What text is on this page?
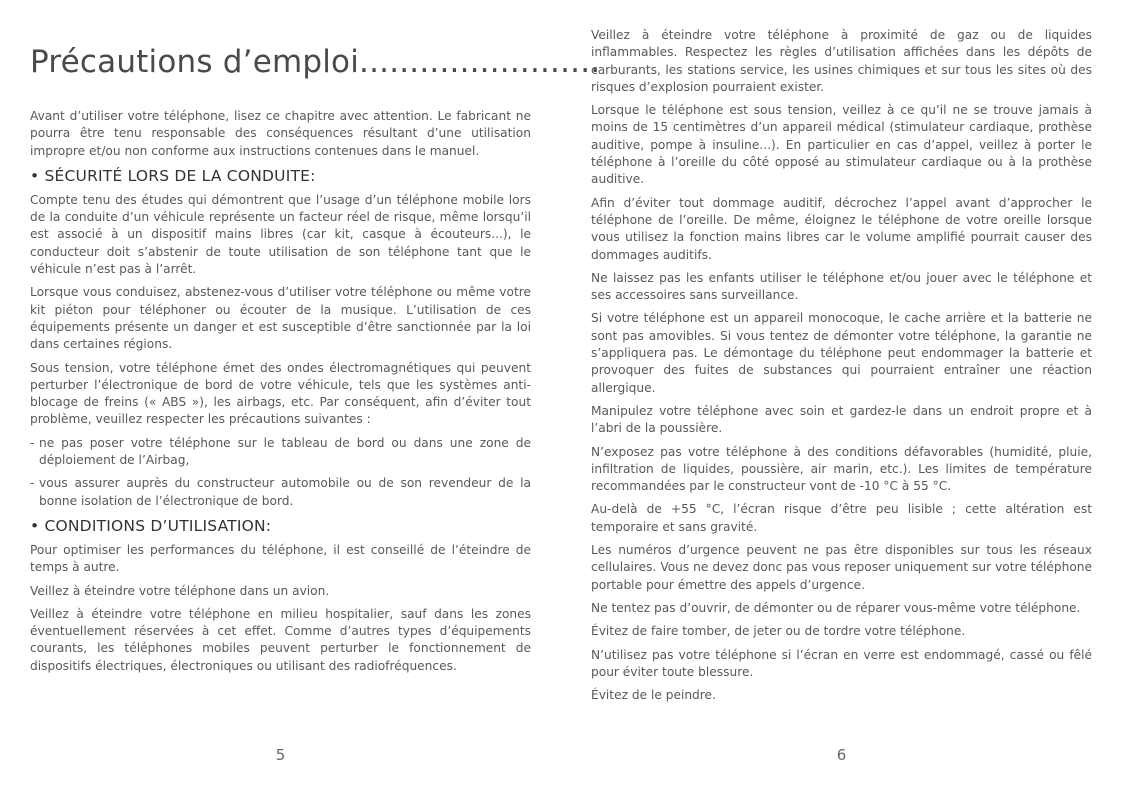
Précautions d’emploi........................

Avant d’utiliser votre téléphone, lisez ce chapitre avec attention. Le fabricant ne pourra être tenu responsable des conséquences résultant d’une utilisation impropre et/ou non conforme aux instructions contenues dans le manuel.

• SÉCURITÉ LORS DE LA CONDUITE:

Compte tenu des études qui démontrent que l’usage d’un téléphone mobile lors de la conduite d’un véhicule représente un facteur réel de risque, même lorsqu’il est associé à un dispositif mains libres (car kit, casque à écouteurs...), le conducteur doit s’abstenir de toute utilisation de son téléphone tant que le véhicule n’est pas à l’arrêt.

Lorsque vous conduisez, abstenez-vous d’utiliser votre téléphone ou même votre kit piéton pour téléphoner ou écouter de la musique. L’utilisation de ces équipements présente un danger et est susceptible d’être sanctionnée par la loi dans certaines régions.

Sous tension, votre téléphone émet des ondes électromagnétiques qui peuvent perturber l’électronique de bord de votre véhicule, tels que les systèmes anti-blocage de freins (« ABS »), les airbags, etc. Par conséquent, afin d’éviter tout problème, veuillez respecter les précautions suivantes :

- ne pas poser votre téléphone sur le tableau de bord ou dans une zone de déploiement de l’Airbag,

- vous assurer auprès du constructeur automobile ou de son revendeur de la bonne isolation de l’électronique de bord.

• CONDITIONS D’UTILISATION:

Pour optimiser les performances du téléphone, il est conseillé de l’éteindre de temps à autre.

Veillez à éteindre votre téléphone dans un avion.

Veillez à éteindre votre téléphone en milieu hospitalier, sauf dans les zones éventuellement réservées à cet effet. Comme d’autres types d’équipements courants, les téléphones mobiles peuvent perturber le fonctionnement de dispositifs électriques, électroniques ou utilisant des radiofréquences.

5

Veillez à éteindre votre téléphone à proximité de gaz ou de liquides inflammables. Respectez les règles d’utilisation affichées dans les dépôts de carburants, les stations service, les usines chimiques et sur tous les sites où des risques d’explosion pourraient exister.

Lorsque le téléphone est sous tension, veillez à ce qu’il ne se trouve jamais à moins de 15 centimètres d’un appareil médical (stimulateur cardiaque, prothèse auditive, pompe à insuline...). En particulier en cas d’appel, veillez à porter le téléphone à l’oreille du côté opposé au stimulateur cardiaque ou à la prothèse auditive.

Afin d’éviter tout dommage auditif, décrochez l’appel avant d’approcher le téléphone de l’oreille. De même, éloignez le téléphone de votre oreille lorsque vous utilisez la fonction mains libres car le volume amplifié pourrait causer des dommages auditifs.

Ne laissez pas les enfants utiliser le téléphone et/ou jouer avec le téléphone et ses accessoires sans surveillance.

Si votre téléphone est un appareil monocoque, le cache arrière et la batterie ne sont pas amovibles. Si vous tentez de démonter votre téléphone, la garantie ne s’appliquera pas. Le démontage du téléphone peut endommager la batterie et provoquer des fuites de substances qui pourraient entraîner une réaction allergique.

Manipulez votre téléphone avec soin et gardez-le dans un endroit propre et à l’abri de la poussière.

N’exposez pas votre téléphone à des conditions défavorables (humidité, pluie, infiltration de liquides, poussière, air marin, etc.). Les limites de température recommandées par le constructeur vont de -10 °C à 55 °C.

Au-delà de +55 °C, l’écran risque d’être peu lisible ; cette altération est temporaire et sans gravité.

Les numéros d’urgence peuvent ne pas être disponibles sur tous les réseaux cellulaires. Vous ne devez donc pas vous reposer uniquement sur votre téléphone portable pour émettre des appels d’urgence.

Ne tentez pas d’ouvrir, de démonter ou de réparer vous-même votre téléphone.

Évitez de faire tomber, de jeter ou de tordre votre téléphone.

N’utilisez pas votre téléphone si l’écran en verre est endommagé, cassé ou fêlé pour éviter toute blessure.

Évitez de le peindre.

6
